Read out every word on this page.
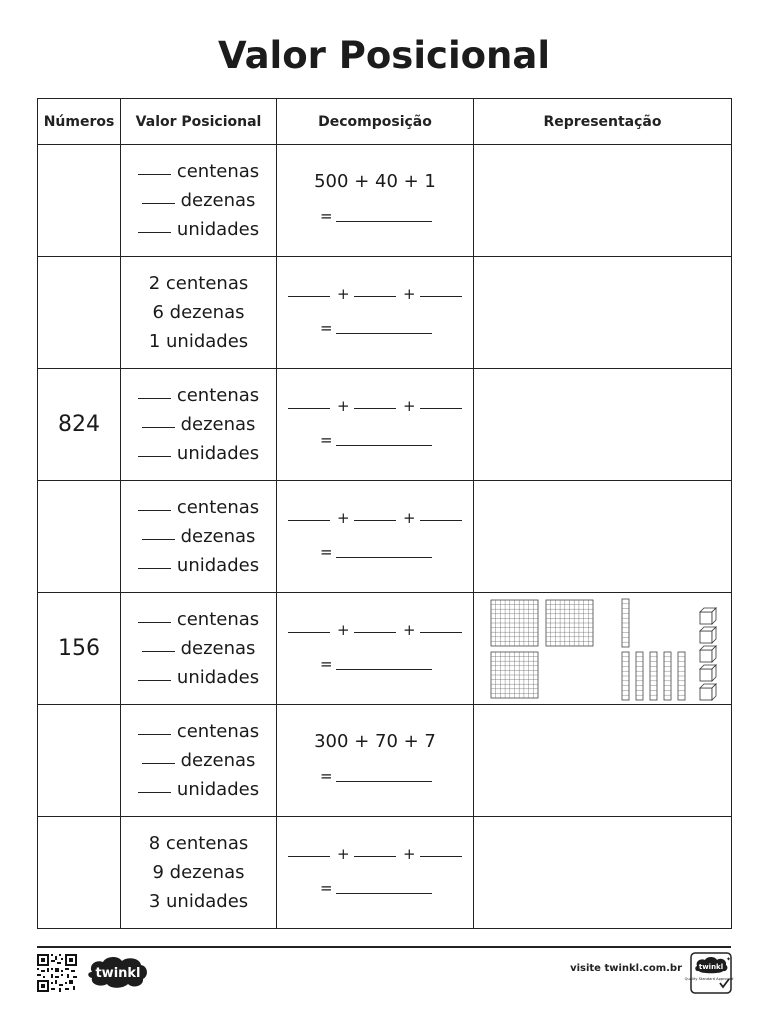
Valor Posicional
Números	Valor Posicional	Decomposição	Representação

	centenas
dezenas
unidades	500 + 40 + 1
=	

	2 centenas
6 dezenas
1 unidades	+ +
=	

824	centenas
dezenas
unidades	+ +
=	

	centenas
dezenas
unidades	+ +
=	

156	centenas
dezenas
unidades	+ +
=

	centenas
dezenas
unidades	300 + 70 + 7
=	

	8 centenas
9 dezenas
3 unidades	+ +
=	

twinkl	visite twinkl.com.br twinkl
Quality Standard Approved
✦
